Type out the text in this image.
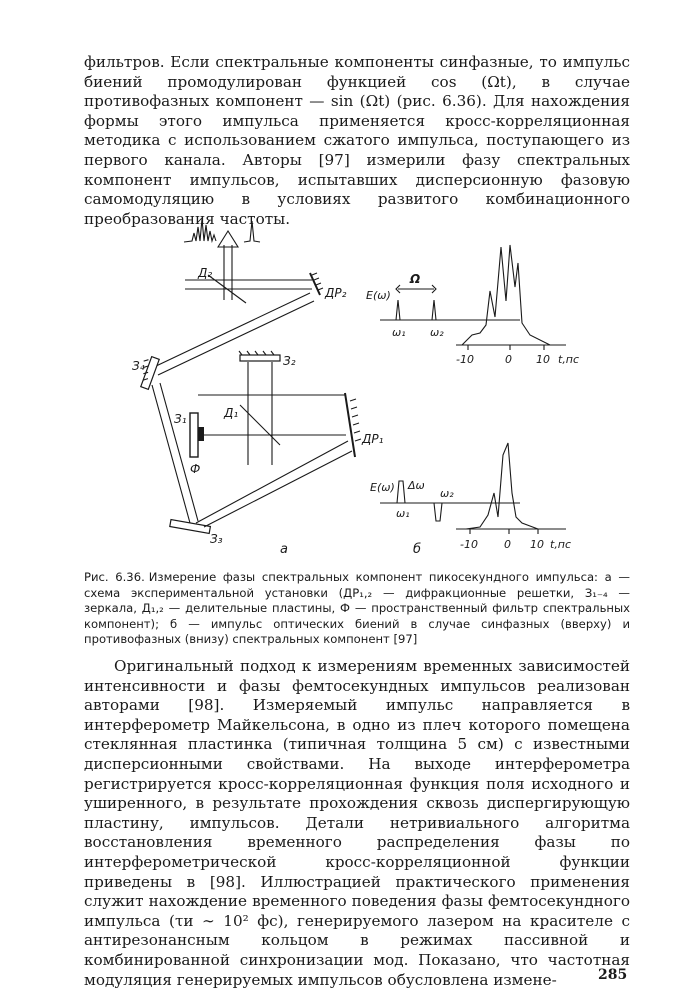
фильтров. Если спектральные компоненты синфазные, то импульс биений промодулирован функцией cos (Ωt), в случае противофазных компонент — sin (Ωt) (рис. 6.36). Для нахождения формы этого импульса применяется кросс-корреляционная методика с использованием сжатого импульса, поступающего из первого канала. Авторы [97] измерили фазу спектральных компонент импульсов, испытавших дисперсионную фазовую самомодуляцию в условиях развитого комбинационного преобразования частоты.

Д₂
ДР₂
З₄
З₃
ДР₁
З₂
Д₁
З₁
Ф
а
Ω
E(ω)
ω₁ ω₂
-10	0 10 t,пс
E(ω) Δω
ω₁
ω₂
-10 0 10 t,пс
б

Рис. 6.36. Измерение фазы спектральных компонент пикосекундного импульса: а — схема экспериментальной установки (ДР₁,₂ — дифракционные решетки, З₁₋₄ — зеркала, Д₁,₂ — делительные пластины, Ф — пространственный фильтр спектральных компонент); б — импульс оптических биений в случае синфазных (вверху) и противофазных (внизу) спектральных компонент [97]

Оригинальный подход к измерениям временных зависимостей интенсивности и фазы фемтосекундных импульсов реализован авторами [98]. Измеряемый импульс направляется в интерферометр Майкельсона, в одно из плеч которого помещена стеклянная пластинка (типичная толщина 5 см) с известными дисперсионными свойствами. На выходе интерферометра регистрируется кросс-корреляционная функция поля исходного и уширенного, в результате прохождения сквозь диспергирующую пластину, импульсов. Детали нетривиального алгоритма восстановления временного распределения фазы по интерферометрической кросс-корреляционной функции приведены в [98]. Иллюстрацией практического применения служит нахождение временного поведения фазы фемтосекундного импульса (τи ∼ 10² фс), генерируемого лазером на красителе с антирезонансным кольцом в режимах пассивной и комбинированной синхронизации мод. Показано, что частотная модуляция генерируемых импульсов обусловлена измене-	285
